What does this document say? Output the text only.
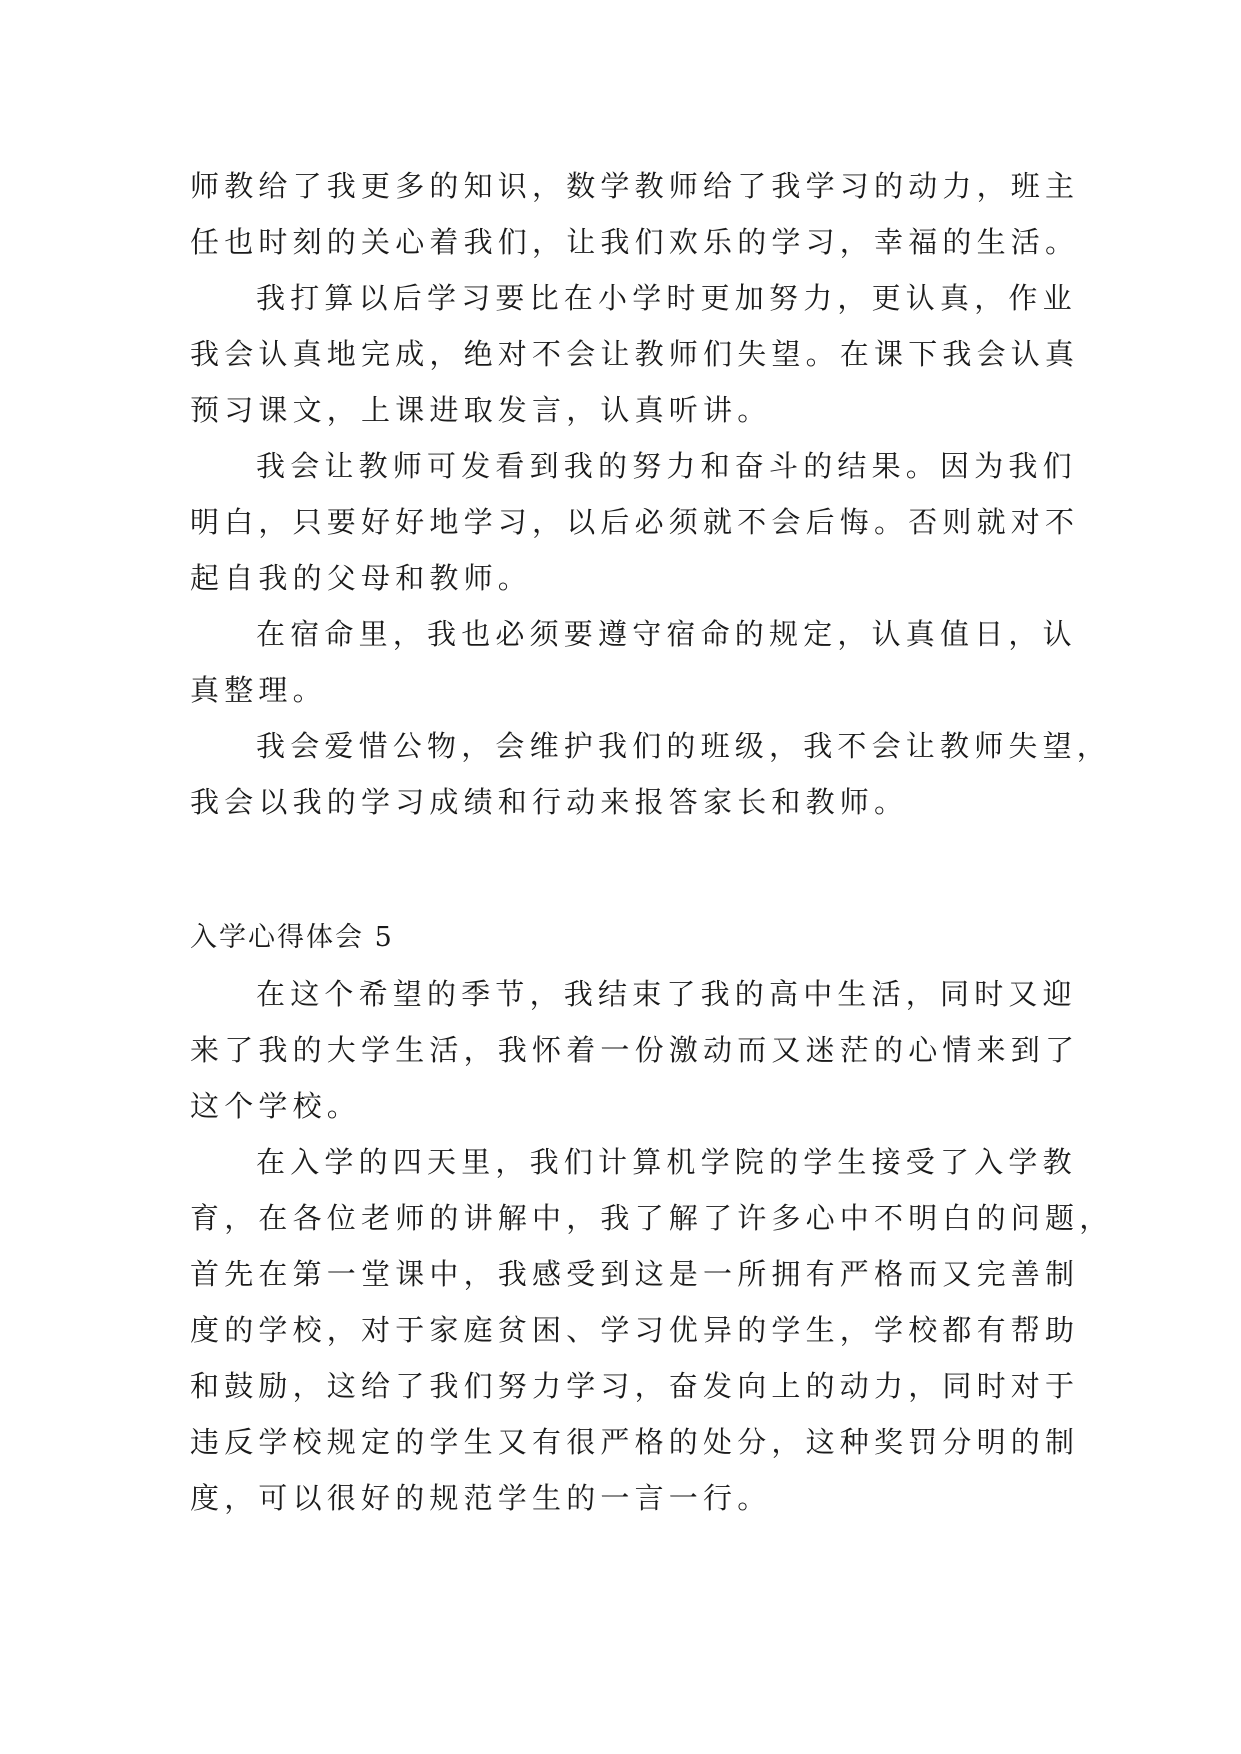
师教给了我更多的知识，数学教师给了我学习的动力，班主
任也时刻的关心着我们，让我们欢乐的学习，幸福的生活。
我打算以后学习要比在小学时更加努力，更认真，作业
我会认真地完成，绝对不会让教师们失望。在课下我会认真
预习课文，上课进取发言，认真听讲。
我会让教师可发看到我的努力和奋斗的结果。因为我们
明白，只要好好地学习，以后必须就不会后悔。否则就对不
起自我的父母和教师。
在宿命里，我也必须要遵守宿命的规定，认真值日，认
真整理。
我会爱惜公物，会维护我们的班级，我不会让教师失望，
我会以我的学习成绩和行动来报答家长和教师。
入学心得体会 5
在这个希望的季节，我结束了我的高中生活，同时又迎
来了我的大学生活，我怀着一份激动而又迷茫的心情来到了
这个学校。
在入学的四天里，我们计算机学院的学生接受了入学教
育，在各位老师的讲解中，我了解了许多心中不明白的问题，
首先在第一堂课中，我感受到这是一所拥有严格而又完善制
度的学校，对于家庭贫困、学习优异的学生，学校都有帮助
和鼓励，这给了我们努力学习，奋发向上的动力，同时对于
违反学校规定的学生又有很严格的处分，这种奖罚分明的制
度，可以很好的规范学生的一言一行。
